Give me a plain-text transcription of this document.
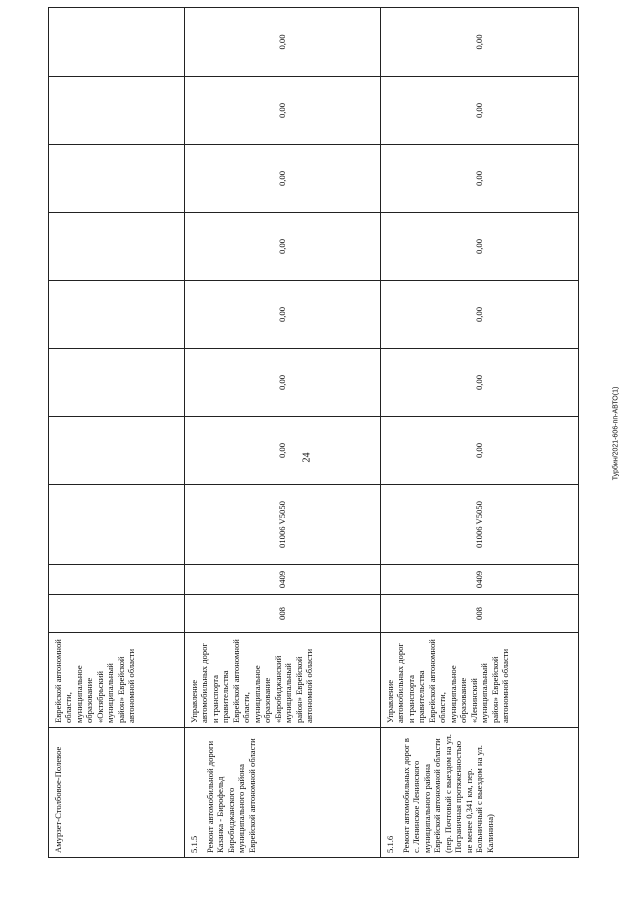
24	Турбин/2021-606-пп-АВТО(1)
Амурзет-Столбовое-Полевое	Еврейской автономной области, муниципальное образование «Октябрьский муниципальный район» Еврейской автономной области										

5.1.5 Ремонт автомобильной дороги Казанка - Бирофельд Биробиджанского муниципального района Еврейской автономной области	Управление автомобильных дорог и транспорта правительства Еврейской автономной области, муниципальное образование «Биробиджанский муниципальный район» Еврейской автономной области	008	0409	01006 V5050	0,00	0,00	0,00	0,00	0,00	0,00	0,00

5.1.6 Ремонт автомобильных дорог в с. Ленинское Ленинского муниципального района Еврейской автономной области (пер. Почтовый с выездом на ул. Пограничная протяженностью не менее 0,341 км, пер. Больничный с выездом на ул. Калинина)	Управление автомобильных дорог и транспорта правительства Еврейской автономной области, муниципальное образование «Ленинский муниципальный район» Еврейской автономной области	008	0409	01006 V5050	0,00	0,00	0,00	0,00	0,00	0,00	0,00
